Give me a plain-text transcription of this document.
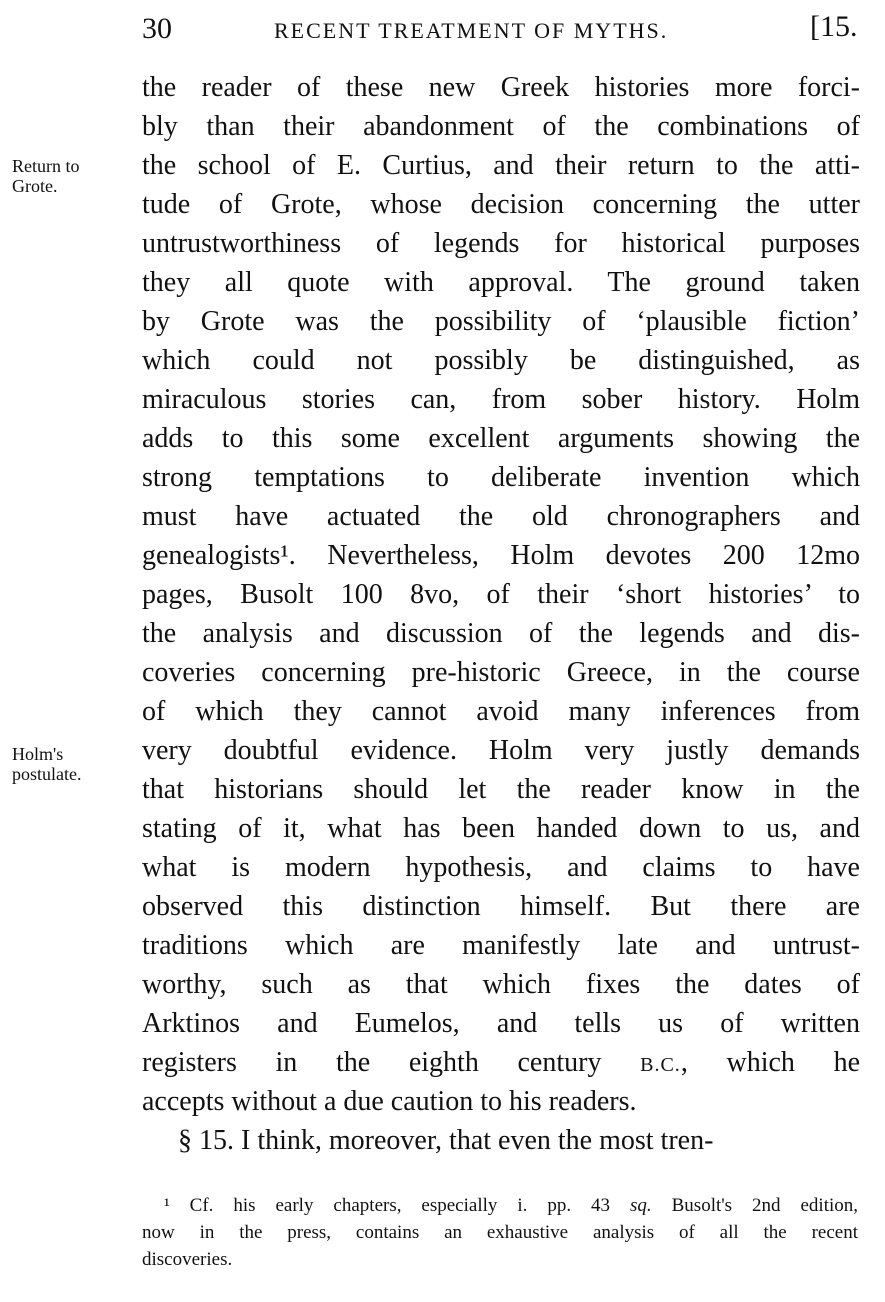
30	RECENT TREATMENT OF MYTHS.	[15.
Return to
Grote.
Holm's
postulate.
the reader of these new Greek histories more forci-
bly than their abandonment of the combinations of
the school of E. Curtius, and their return to the atti-
tude of Grote, whose decision concerning the utter
untrustworthiness of legends for historical purposes
they all quote with approval. The ground taken
by Grote was the possibility of ‘plausible fiction’
which could not possibly be distinguished, as
miraculous stories can, from sober history. Holm
adds to this some excellent arguments showing the
strong temptations to deliberate invention which
must have actuated the old chronographers and
genealogists¹. Nevertheless, Holm devotes 200 12mo
pages, Busolt 100 8vo, of their ‘short histories’ to
the analysis and discussion of the legends and dis-
coveries concerning pre-historic Greece, in the course
of which they cannot avoid many inferences from
very doubtful evidence. Holm very justly demands
that historians should let the reader know in the
stating of it, what has been handed down to us, and
what is modern hypothesis, and claims to have
observed this distinction himself. But there are
traditions which are manifestly late and untrust-
worthy, such as that which fixes the dates of
Arktinos and Eumelos, and tells us of written
registers in the eighth century B.C., which he
accepts without a due caution to his readers.
§ 15. I think, moreover, that even the most tren-
¹ Cf. his early chapters, especially i. pp. 43 sq. Busolt's 2nd edition,
now in the press, contains an exhaustive analysis of all the recent
discoveries.
